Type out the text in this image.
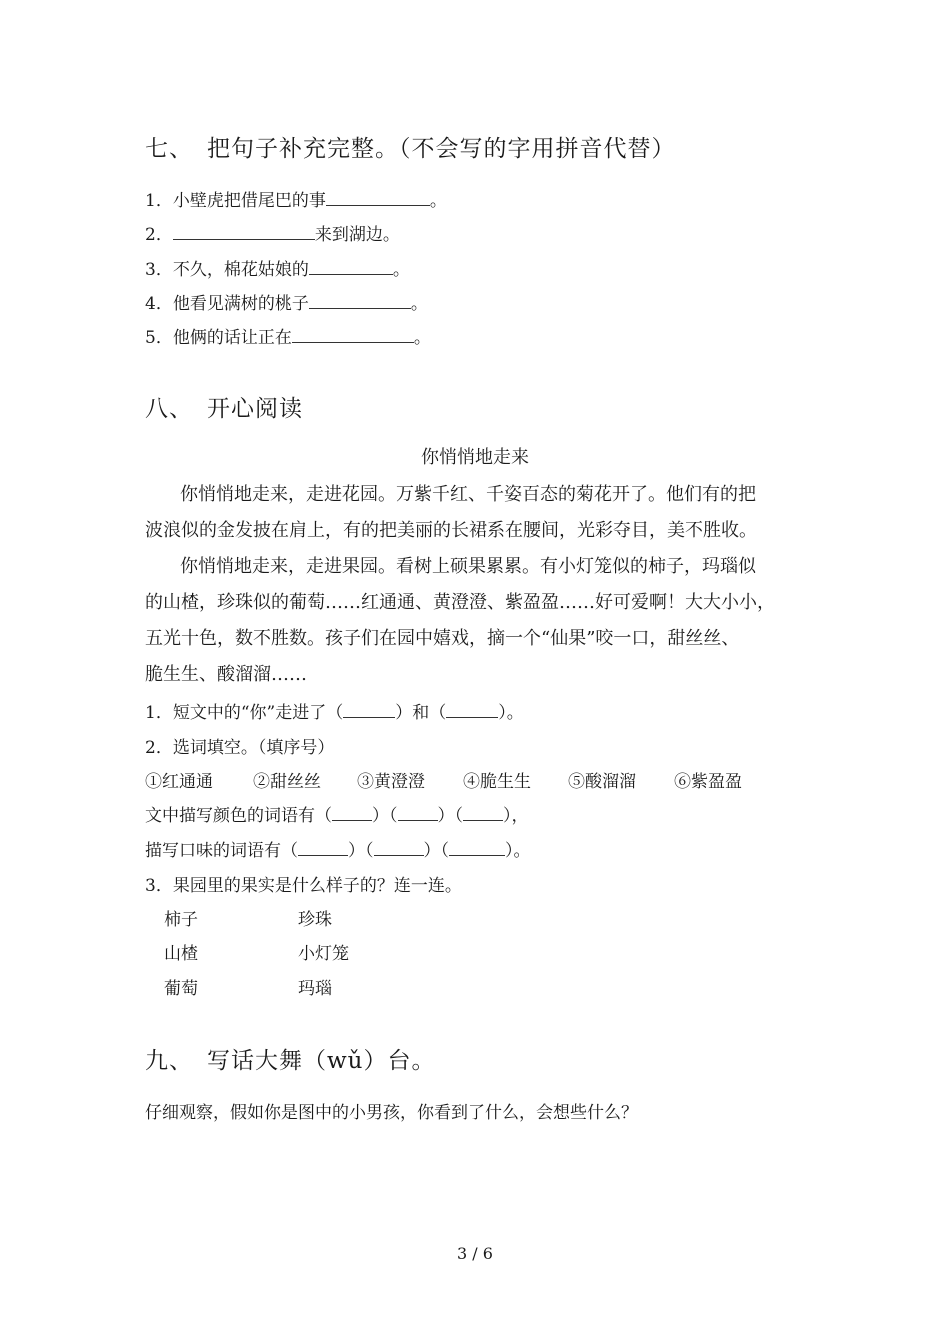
七、 把句子补充完整。（不会写的字用拼音代替）
1．小壁虎把借尾巴的事	。
2．	来到湖边。
3．不久，棉花姑娘的	。
4．他看见满树的桃子	。
5．他俩的话让正在	。
八、 开心阅读
你悄悄地走来
你悄悄地走来，走进花园。万紫千红、千姿百态的菊花开了。他们有的把
波浪似的金发披在肩上，有的把美丽的长裙系在腰间，光彩夺目，美不胜收。
你悄悄地走来，走进果园。看树上硕果累累。有小灯笼似的柿子，玛瑙似
的山楂，珍珠似的葡萄……红通通、黄澄澄、紫盈盈……好可爱啊！大大小小，
五光十色，数不胜数。孩子们在园中嬉戏，摘一个“仙果”咬一口，甜丝丝、
脆生生、酸溜溜……
1．短文中的“你”走进了（	）和（	）。
2．选词填空。（填序号）
①红通通 ②甜丝丝 ③黄澄澄 ④脆生生 ⑤酸溜溜 ⑥紫盈盈
文中描写颜色的词语有（ ）（ ）（ ），
描写口味的词语有（	）（	）（	）。
3．果园里的果实是什么样子的？连一连。
柿子	珍珠
山楂	小灯笼
葡萄	玛瑙
九、 写话大舞（wǔ）台。
仔细观察，假如你是图中的小男孩，你看到了什么，会想些什么？
3 / 6
